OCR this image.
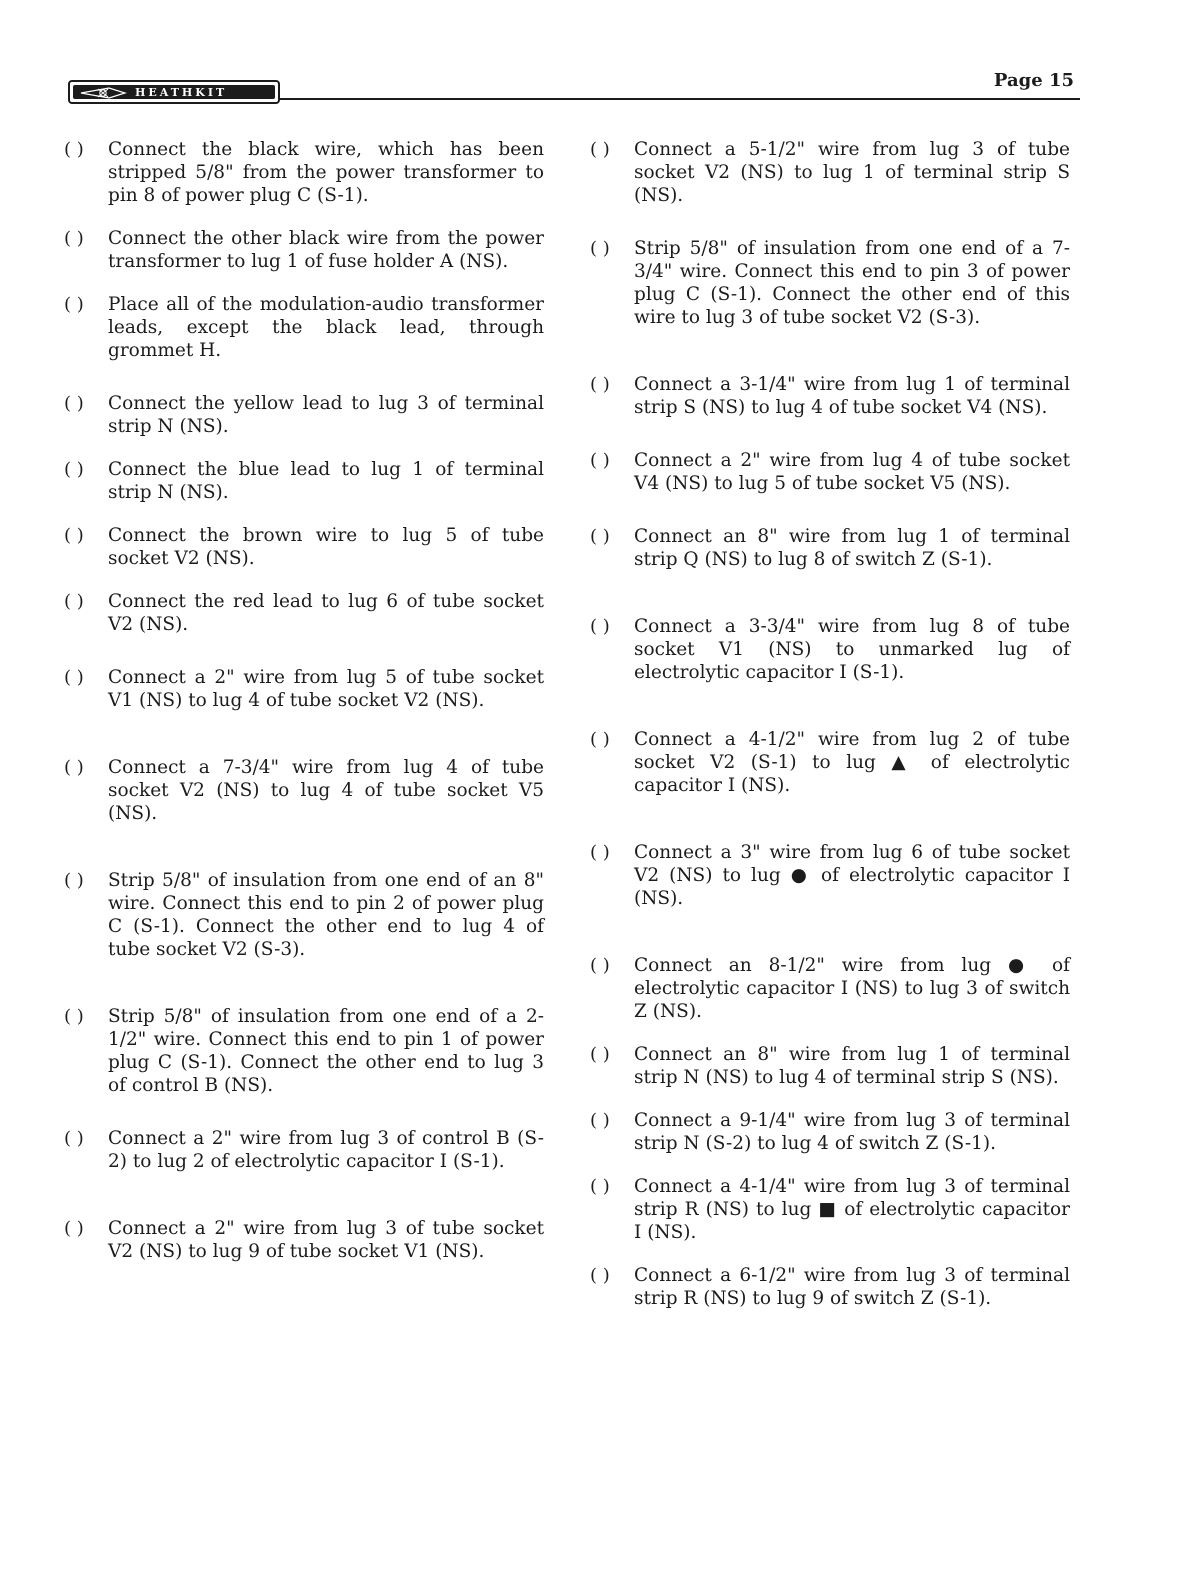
HEATHKIT
Page 15
( )	Connect the black wire, which has been stripped 5/8" from the power transformer to pin 8 of power plug C (S-1).
( )	Connect the other black wire from the power transformer to lug 1 of fuse holder A (NS).
( )	Place all of the modulation-audio transformer leads, except the black lead, through grommet H.
( )	Connect the yellow lead to lug 3 of terminal strip N (NS).
( )	Connect the blue lead to lug 1 of terminal strip N (NS).
( )	Connect the brown wire to lug 5 of tube socket V2 (NS).
( )	Connect the red lead to lug 6 of tube socket V2 (NS).
( )	Connect a 2" wire from lug 5 of tube socket V1 (NS) to lug 4 of tube socket V2 (NS).
( )	Connect a 7-3/4" wire from lug 4 of tube socket V2 (NS) to lug 4 of tube socket V5 (NS).
( )	Strip 5/8" of insulation from one end of an 8" wire. Connect this end to pin 2 of power plug C (S-1). Connect the other end to lug 4 of tube socket V2 (S-3).
( )	Strip 5/8" of insulation from one end of a 2-1/2" wire. Connect this end to pin 1 of power plug C (S-1). Connect the other end to lug 3 of control B (NS).
( )	Connect a 2" wire from lug 3 of control B (S-2) to lug 2 of electrolytic capacitor I (S-1).
( )	Connect a 2" wire from lug 3 of tube socket V2 (NS) to lug 9 of tube socket V1 (NS).
( )	Connect a 5-1/2" wire from lug 3 of tube socket V2 (NS) to lug 1 of terminal strip S (NS).
( )	Strip 5/8" of insulation from one end of a 7-3/4" wire. Connect this end to pin 3 of power plug C (S-1). Connect the other end of this wire to lug 3 of tube socket V2 (S-3).
( )	Connect a 3-1/4" wire from lug 1 of terminal strip S (NS) to lug 4 of tube socket V4 (NS).
( )	Connect a 2" wire from lug 4 of tube socket V4 (NS) to lug 5 of tube socket V5 (NS).
( )	Connect an 8" wire from lug 1 of terminal strip Q (NS) to lug 8 of switch Z (S-1).
( )	Connect a 3-3/4" wire from lug 8 of tube socket V1 (NS) to unmarked lug of electrolytic capacitor I (S-1).
( )	Connect a 4-1/2" wire from lug 2 of tube socket V2 (S-1) to lug ▲ of electrolytic capacitor I (NS).
( )	Connect a 3" wire from lug 6 of tube socket V2 (NS) to lug ● of electrolytic capacitor I (NS).
( )	Connect an 8-1/2" wire from lug ● of electrolytic capacitor I (NS) to lug 3 of switch Z (NS).
( )	Connect an 8" wire from lug 1 of terminal strip N (NS) to lug 4 of terminal strip S (NS).
( )	Connect a 9-1/4" wire from lug 3 of terminal strip N (S-2) to lug 4 of switch Z (S-1).
( )	Connect a 4-1/4" wire from lug 3 of terminal strip R (NS) to lug ■ of electrolytic capacitor I (NS).
( )	Connect a 6-1/2" wire from lug 3 of terminal strip R (NS) to lug 9 of switch Z (S-1).
